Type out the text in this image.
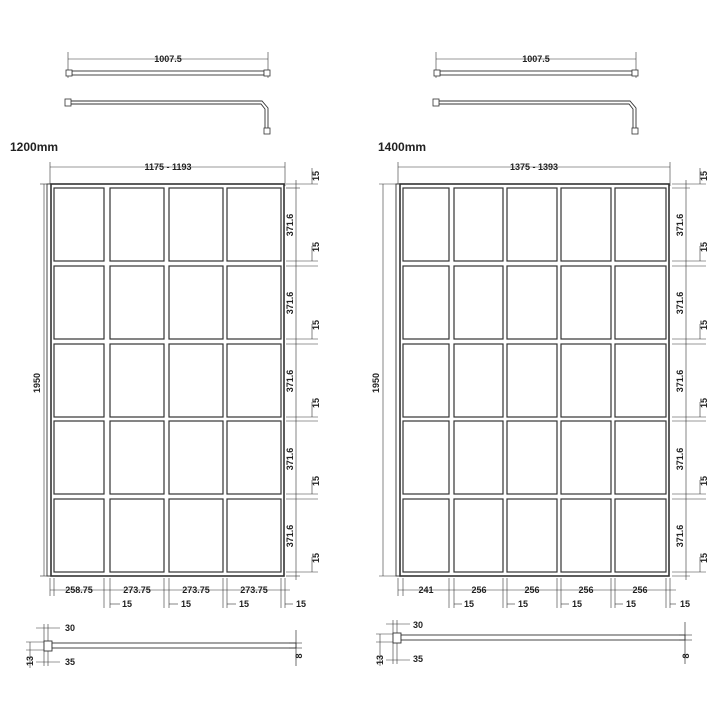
1007.5
1200mm
1175 - 1193
1950
15
15
15
15
15
15
371.6
371.6
371.6
371.6
371.6
258.75	273.75	273.75	273.75
15	15	15	15
30
35
13	8
1007.5
1400mm
1375 - 1393
1950
15
15
15
15
15
15
371.6
371.6
371.6
371.6
371.6
241	256	256	256	256
15	15	15	15	15
30
35
13	8
